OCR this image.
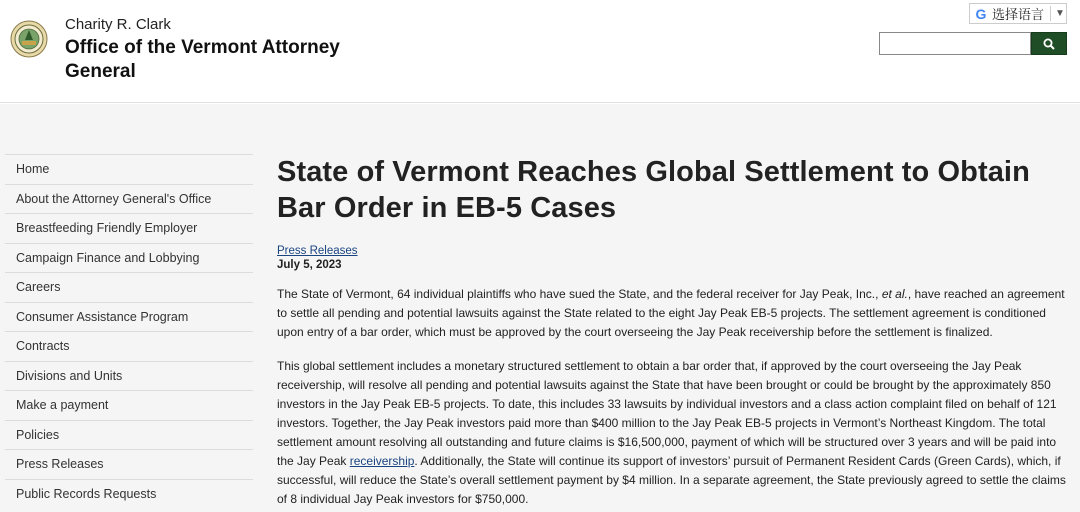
Charity R. Clark
Office of the Vermont Attorney General
G 选择语言 ▼
Home
About the Attorney General's Office
Breastfeeding Friendly Employer
Campaign Finance and Lobbying
Careers
Consumer Assistance Program
Contracts
Divisions and Units
Make a payment
Policies
Press Releases
Public Records Requests
State of Vermont Reaches Global Settlement to Obtain Bar Order in EB-5 Cases
Press Releases
July 5, 2023

The State of Vermont, 64 individual plaintiffs who have sued the State, and the federal receiver for Jay Peak, Inc., et al., have reached an agreement to settle all pending and potential lawsuits against the State related to the eight Jay Peak EB-5 projects. The settlement agreement is conditioned upon entry of a bar order, which must be approved by the court overseeing the Jay Peak receivership before the settlement is finalized.

This global settlement includes a monetary structured settlement to obtain a bar order that, if approved by the court overseeing the Jay Peak receivership, will resolve all pending and potential lawsuits against the State that have been brought or could be brought by the approximately 850 investors in the Jay Peak EB-5 projects. To date, this includes 33 lawsuits by individual investors and a class action complaint filed on behalf of 121 investors. Together, the Jay Peak investors paid more than $400 million to the Jay Peak EB-5 projects in Vermont’s Northeast Kingdom. The total settlement amount resolving all outstanding and future claims is $16,500,000, payment of which will be structured over 3 years and will be paid into the Jay Peak receivership. Additionally, the State will continue its support of investors’ pursuit of Permanent Resident Cards (Green Cards), which, if successful, will reduce the State’s overall settlement payment by $4 million. In a separate agreement, the State previously agreed to settle the claims of 8 individual Jay Peak investors for $750,000.
